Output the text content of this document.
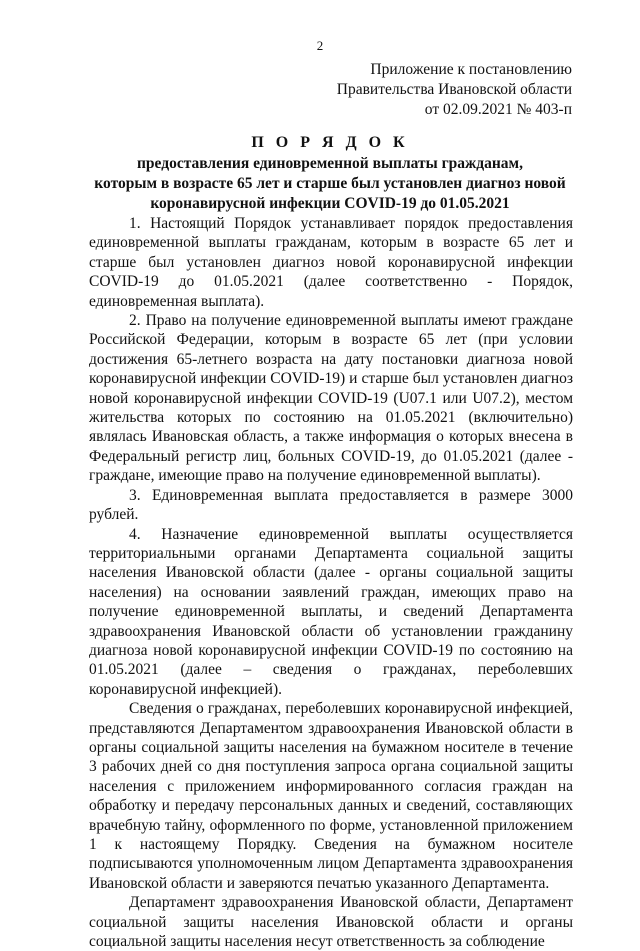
2
Приложение к постановлению
Правительства Ивановской области
от 02.09.2021 № 403-п
П О Р Я Д О К
предоставления единовременной выплаты гражданам,
которым в возрасте 65 лет и старше был установлен диагноз новой
коронавирусной инфекции COVID-19 до 01.05.2021

1. Настоящий Порядок устанавливает порядок предоставления единовременной выплаты гражданам, которым в возрасте 65 лет и старше был установлен диагноз новой коронавирусной инфекции COVID-19 до 01.05.2021 (далее соответственно - Порядок, единовременная выплата).

2. Право на получение единовременной выплаты имеют граждане Российской Федерации, которым в возрасте 65 лет (при условии достижения 65-летнего возраста на дату постановки диагноза новой коронавирусной инфекции COVID-19) и старше был установлен диагноз новой коронавирусной инфекции COVID-19 (U07.1 или U07.2), местом жительства которых по состоянию на 01.05.2021 (включительно) являлась Ивановская область, а также информация о которых внесена в Федеральный регистр лиц, больных COVID-19, до 01.05.2021 (далее - граждане, имеющие право на получение единовременной выплаты).

3. Единовременная выплата предоставляется в размере 3000 рублей.

4. Назначение единовременной выплаты осуществляется территориальными органами Департамента социальной защиты населения Ивановской области (далее - органы социальной защиты населения) на основании заявлений граждан, имеющих право на получение единовременной выплаты, и сведений Департамента здравоохранения Ивановской области об установлении гражданину диагноза новой коронавирусной инфекции COVID-19 по состоянию на 01.05.2021 (далее – сведения о гражданах, переболевших коронавирусной инфекцией).

Сведения о гражданах, переболевших коронавирусной инфекцией, представляются Департаментом здравоохранения Ивановской области в органы социальной защиты населения на бумажном носителе в течение 3 рабочих дней со дня поступления запроса органа социальной защиты населения с приложением информированного согласия граждан на обработку и передачу персональных данных и сведений, составляющих врачебную тайну, оформленного по форме, установленной приложением 1 к настоящему Порядку. Сведения на бумажном носителе подписываются уполномоченным лицом Департамента здравоохранения Ивановской области и заверяются печатью указанного Департамента.

Департамент здравоохранения Ивановской области, Департамент социальной защиты населения Ивановской области и органы социальной защиты населения несут ответственность за соблюдение
